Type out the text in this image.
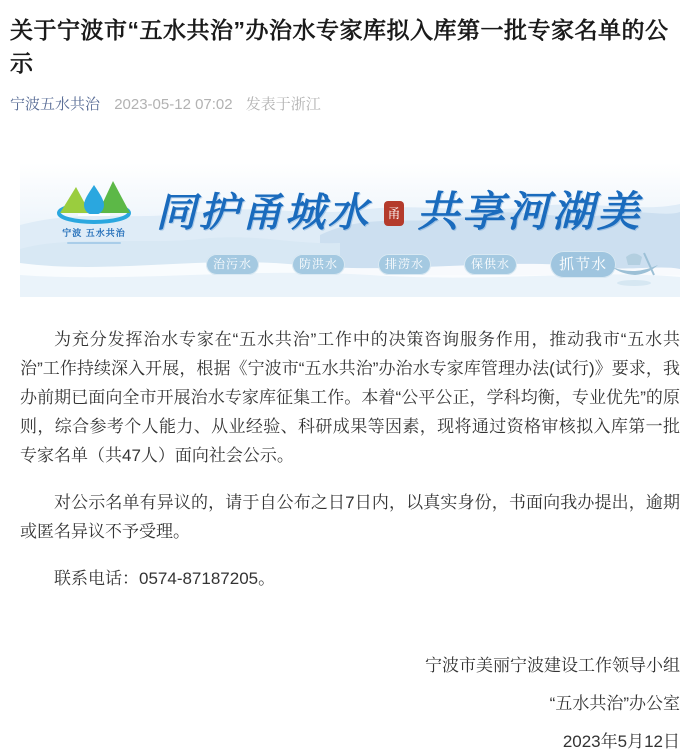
关于宁波市“五水共治”办治水专家库拟入库第一批专家名单的公示
宁波五水共治 2023-05-12 07:02 发表于浙江
宁波 五水共治 同护甬城水 甬 共享河湖美
治污水	防洪水	排涝水	保供水	抓节水

为充分发挥治水专家在“五水共治”工作中的决策咨询服务作用，推动我市“五水共治”工作持续深入开展，根据《宁波市“五水共治”办治水专家库管理办法(试行)》要求，我办前期已面向全市开展治水专家库征集工作。本着“公平公正，学科均衡，专业优先”的原则，综合参考个人能力、从业经验、科研成果等因素，现将通过资格审核拟入库第一批专家名单（共47人）面向社会公示。

对公示名单有异议的，请于自公布之日7日内，以真实身份，书面向我办提出，逾期或匿名异议不予受理。

联系电话：0574-87187205。

宁波市美丽宁波建设工作领导小组
“五水共治”办公室
2023年5月12日
